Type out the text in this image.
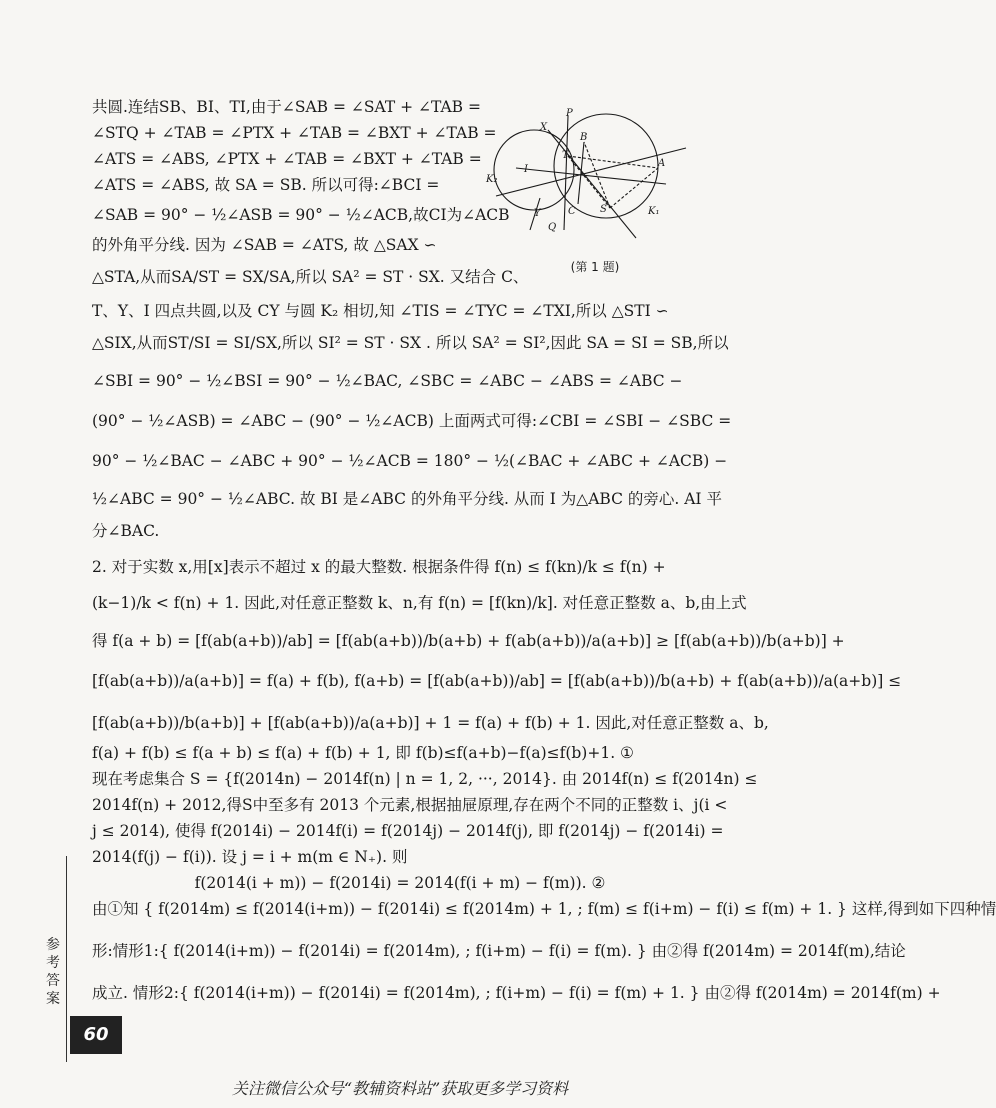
共圆.连结SB、BI、TI,由于∠SAB = ∠SAT + ∠TAB =
∠STQ + ∠TAB = ∠PTX + ∠TAB = ∠BXT + ∠TAB =
∠ATS = ∠ABS, ∠PTX + ∠TAB = ∠BXT + ∠TAB =
∠ATS = ∠ABS, 故 SA = SB. 所以可得:∠BCI =
∠SAB = 90° − ½∠ASB = 90° − ½∠ACB,故CI为∠ACB
的外角平分线. 因为 ∠SAB = ∠ATS, 故 △SAX ∽
△STA,从而SA/ST = SX/SA,所以 SA² = ST · SX. 又结合 C、
T、Y、I 四点共圆,以及 CY 与圆 K₂ 相切,知 ∠TIS = ∠TYC = ∠TXI,所以 △STI ∽
△SIX,从而ST/SI = SI/SX,所以 SI² = ST · SX . 所以 SA² = SI²,因此 SA = SI = SB,所以
∠SBI = 90° − ½∠BSI = 90° − ½∠BAC, ∠SBC = ∠ABC − ∠ABS = ∠ABC −
(90° − ½∠ASB) = ∠ABC − (90° − ½∠ACB) 上面两式可得:∠CBI = ∠SBI − ∠SBC =
90° − ½∠BAC − ∠ABC + 90° − ½∠ACB = 180° − ½(∠BAC + ∠ABC + ∠ACB) −
½∠ABC = 90° − ½∠ABC. 故 BI 是∠ABC 的外角平分线. 从而 I 为△ABC 的旁心. AI 平
分∠BAC.
2. 对于实数 x,用[x]表示不超过 x 的最大整数. 根据条件得 f(n) ≤ f(kn)/k ≤ f(n) +
(k−1)/k < f(n) + 1. 因此,对任意正整数 k、n,有 f(n) = [f(kn)/k]. 对任意正整数 a、b,由上式
得 f(a + b) = [f(ab(a+b))/ab] = [f(ab(a+b))/b(a+b) + f(ab(a+b))/a(a+b)] ≥ [f(ab(a+b))/b(a+b)] +
[f(ab(a+b))/a(a+b)] = f(a) + f(b), f(a+b) = [f(ab(a+b))/ab] = [f(ab(a+b))/b(a+b) + f(ab(a+b))/a(a+b)] ≤
[f(ab(a+b))/b(a+b)] + [f(ab(a+b))/a(a+b)] + 1 = f(a) + f(b) + 1. 因此,对任意正整数 a、b,
f(a) + f(b) ≤ f(a + b) ≤ f(a) + f(b) + 1, 即 f(b)≤f(a+b)−f(a)≤f(b)+1. ①
现在考虑集合 S = {f(2014n) − 2014f(n) | n = 1, 2, ···, 2014}. 由 2014f(n) ≤ f(2014n) ≤
2014f(n) + 2012,得S中至多有 2013 个元素,根据抽屉原理,存在两个不同的正整数 i、j(i <
j ≤ 2014), 使得 f(2014i) − 2014f(i) = f(2014j) − 2014f(j), 即 f(2014j) − f(2014i) =
2014(f(j) − f(i)). 设 j = i + m(m ∈ N₊). 则
f(2014(i + m)) − f(2014i) = 2014(f(i + m) − f(m)). ②
由①知 { f(2014m) ≤ f(2014(i+m)) − f(2014i) ≤ f(2014m) + 1, ; f(m) ≤ f(i+m) − f(i) ≤ f(m) + 1. } 这样,得到如下四种情
形:情形1:{ f(2014(i+m)) − f(2014i) = f(2014m), ; f(i+m) − f(i) = f(m). } 由②得 f(2014m) = 2014f(m),结论
成立. 情形2:{ f(2014(i+m)) − f(2014i) = f(2014m), ; f(i+m) − f(i) = f(m) + 1. } 由②得 f(2014m) = 2014f(m) +
P
X
B
T
I
A
K₂
Y	C S	K₁
Q
(第 1 题)
参考答案
60
关注微信公众号“教辅资料站”获取更多学习资料
